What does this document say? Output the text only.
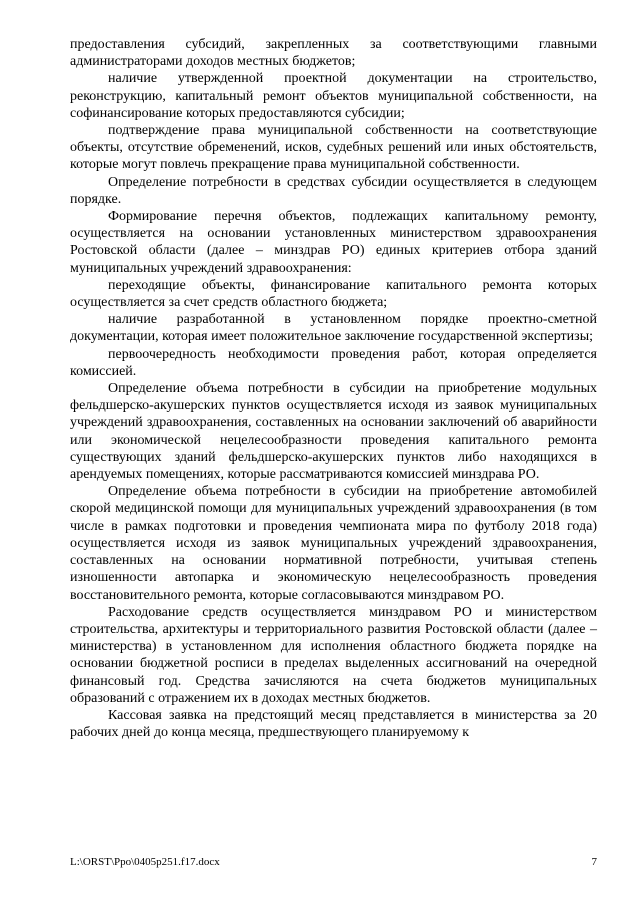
предоставления субсидий, закрепленных за соответствующими главными администраторами доходов местных бюджетов;

наличие утвержденной проектной документации на строительство, реконструкцию, капитальный ремонт объектов муниципальной собственности, на софинансирование которых предоставляются субсидии;

подтверждение права муниципальной собственности на соответствующие объекты, отсутствие обременений, исков, судебных решений или иных обстоятельств, которые могут повлечь прекращение права муниципальной собственности.

Определение потребности в средствах субсидии осуществляется в следующем порядке.

Формирование перечня объектов, подлежащих капитальному ремонту, осуществляется на основании установленных министерством здравоохранения Ростовской области (далее – минздрав РО) единых критериев отбора зданий муниципальных учреждений здравоохранения:

переходящие объекты, финансирование капитального ремонта которых осуществляется за счет средств областного бюджета;

наличие разработанной в установленном порядке проектно-сметной документации, которая имеет положительное заключение государственной экспертизы;

первоочередность необходимости проведения работ, которая определяется комиссией.

Определение объема потребности в субсидии на приобретение модульных фельдшерско-акушерских пунктов осуществляется исходя из заявок муниципальных учреждений здравоохранения, составленных на основании заключений об аварийности или экономической нецелесообразности проведения капитального ремонта существующих зданий фельдшерско-акушерских пунктов либо находящихся в арендуемых помещениях, которые рассматриваются комиссией минздрава РО.

Определение объема потребности в субсидии на приобретение автомобилей скорой медицинской помощи для муниципальных учреждений здравоохранения (в том числе в рамках подготовки и проведения чемпионата мира по футболу 2018 года) осуществляется исходя из заявок муниципальных учреждений здравоохранения, составленных на основании нормативной потребности, учитывая степень изношенности автопарка и экономическую нецелесообразность проведения восстановительного ремонта, которые согласовываются минздравом РО.

Расходование средств осуществляется минздравом РО и министерством строительства, архитектуры и территориального развития Ростовской области (далее – министерства) в установленном для исполнения областного бюджета порядке на основании бюджетной росписи в пределах выделенных ассигнований на очередной финансовый год. Средства зачисляются на счета бюджетов муниципальных образований с отражением их в доходах местных бюджетов.

Кассовая заявка на предстоящий месяц представляется в министерства за 20 рабочих дней до конца месяца, предшествующего планируемому к

L:\ORST\Ppo\0405p251.f17.docx	7
